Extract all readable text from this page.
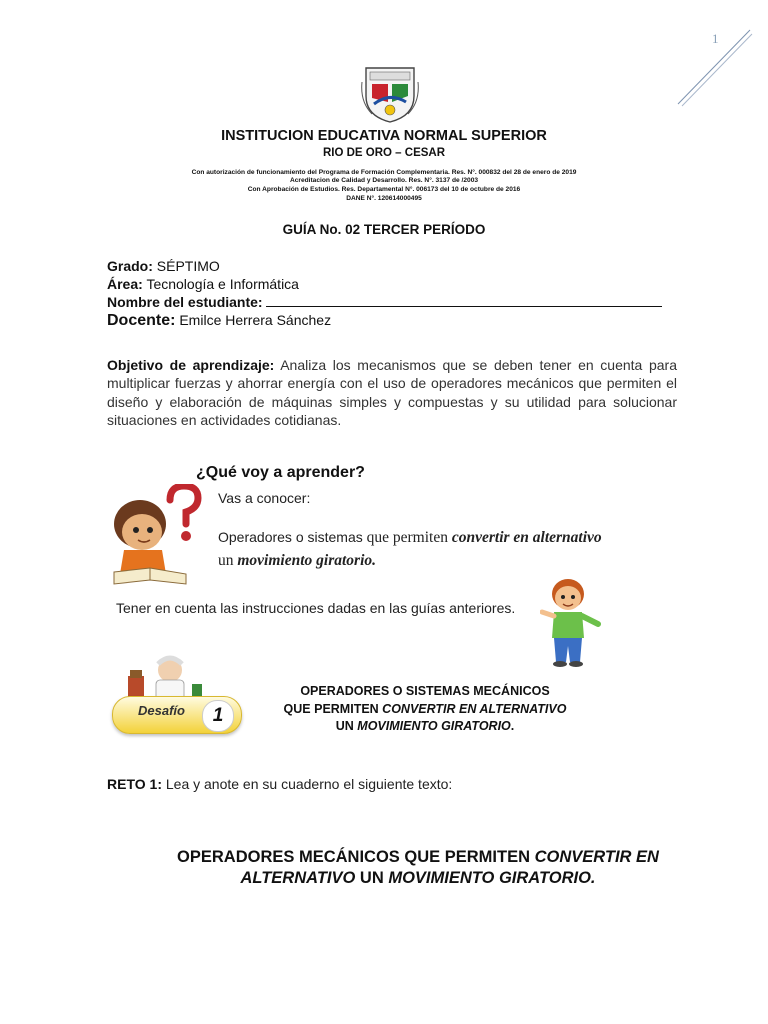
1
INSTITUCION EDUCATIVA NORMAL SUPERIOR
RIO DE ORO – CESAR
Con autorización de funcionamiento del Programa de Formación Complementaria. Res. N°. 000832 del 28 de enero de 2019
Acreditacion de Calidad y Desarrollo. Res. N°. 3137 de /2003
Con Aprobación de Estudios. Res. Departamental N°. 006173 del 10 de octubre de 2016
DANE N°. 120614000495
GUÍA No. 02 TERCER PERÍODO
Grado: SÉPTIMO
Área: Tecnología e Informática
Nombre del estudiante:
Docente: Emilce Herrera Sánchez
Objetivo de aprendizaje: Analiza los mecanismos que se deben tener en cuenta para multiplicar fuerzas y ahorrar energía con el uso de operadores mecánicos que permiten el diseño y elaboración de máquinas simples y compuestas y su utilidad para solucionar situaciones en actividades cotidianas.
¿Qué voy a aprender?
Vas a conocer:
Operadores o sistemas que permiten convertir en alternativo
un movimiento giratorio.
Tener en cuenta las instrucciones dadas en las guías anteriores.
Desafío	1
OPERADORES O SISTEMAS MECÁNICOS
QUE PERMITEN CONVERTIR EN ALTERNATIVO
UN MOVIMIENTO GIRATORIO.
RETO 1: Lea y anote en su cuaderno el siguiente texto:
OPERADORES MECÁNICOS QUE PERMITEN CONVERTIR EN
ALTERNATIVO UN MOVIMIENTO GIRATORIO.
